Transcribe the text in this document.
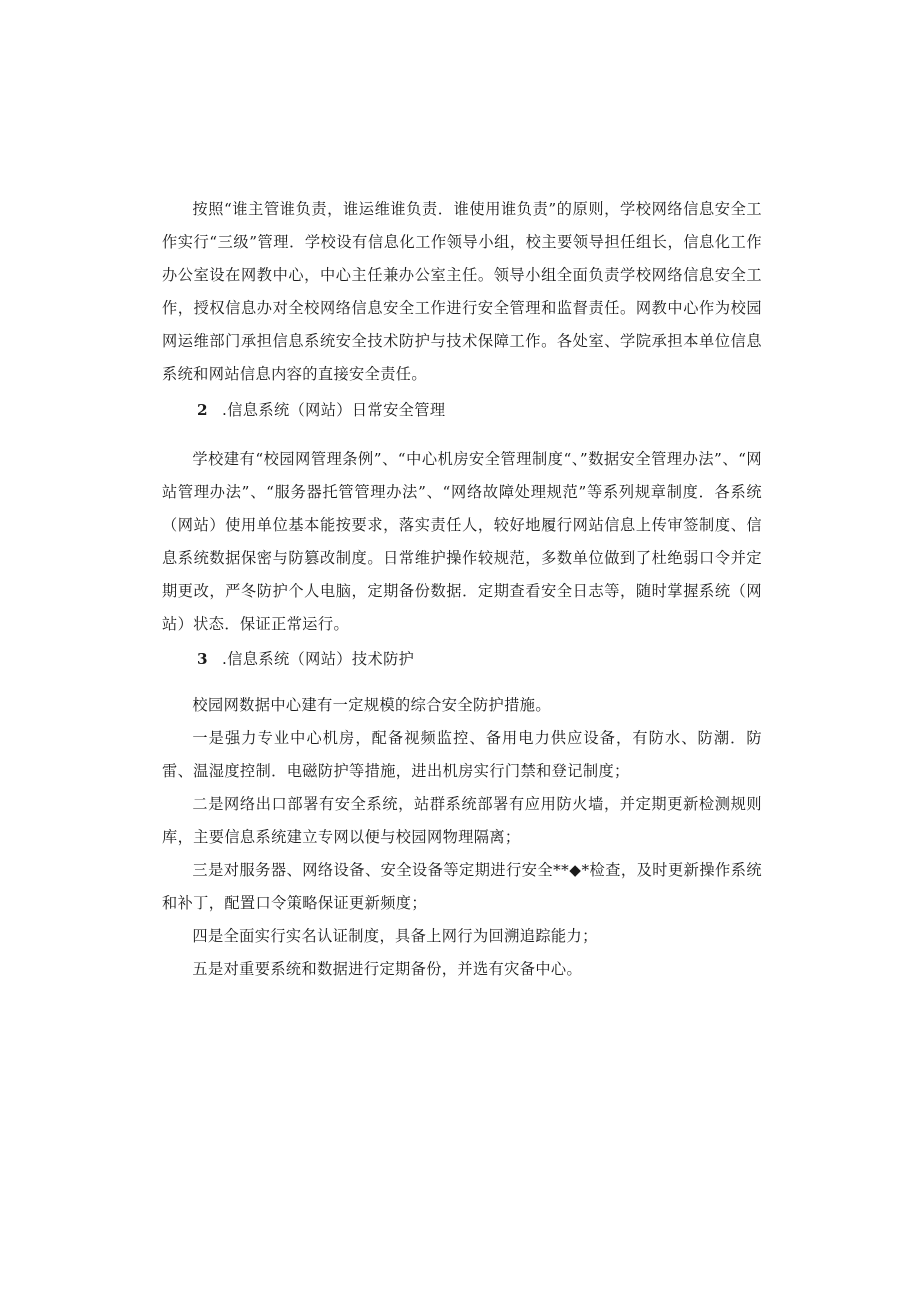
按照“谁主管谁负责，谁运维谁负责．谁使用谁负责”的原则，学校网络信息安全工作实行“三级”管理．学校设有信息化工作领导小组，校主要领导担任组长，信息化工作办公室设在网教中心，中心主任兼办公室主任。领导小组全面负责学校网络信息安全工作，授权信息办对全校网络信息安全工作进行安全管理和监督责任。网教中心作为校园网运维部门承担信息系统安全技术防护与技术保障工作。各处室、学院承担本单位信息系统和网站信息内容的直接安全责任。

2 .信息系统（网站）日常安全管理

学校建有“校园网管理条例”、“中心机房安全管理制度“、”数据安全管理办法”、“网站管理办法”、“服务器托管管理办法”、“网络故障处理规范”等系列规章制度．各系统（网站）使用单位基本能按要求，落实责任人，较好地履行网站信息上传审签制度、信息系统数据保密与防篡改制度。日常维护操作较规范，多数单位做到了杜绝弱口令并定期更改，严冬防护个人电脑，定期备份数据．定期查看安全日志等，随时掌握系统（网站）状态．保证正常运行。

3 .信息系统（网站）技术防护

校园网数据中心建有一定规模的综合安全防护措施。

一是强力专业中心机房，配备视频监控、备用电力供应设备，有防水、防潮．防雷、温湿度控制．电磁防护等措施，进出机房实行门禁和登记制度；

二是网络出口部署有安全系统，站群系统部署有应用防火墙，并定期更新检测规则库，主要信息系统建立专网以便与校园网物理隔离；

三是对服务器、网络设备、安全设备等定期进行安全**◆*检查，及时更新操作系统和补丁，配置口令策略保证更新频度；

四是全面实行实名认证制度，具备上网行为回溯追踪能力；

五是对重要系统和数据进行定期备份，并选有灾备中心。
